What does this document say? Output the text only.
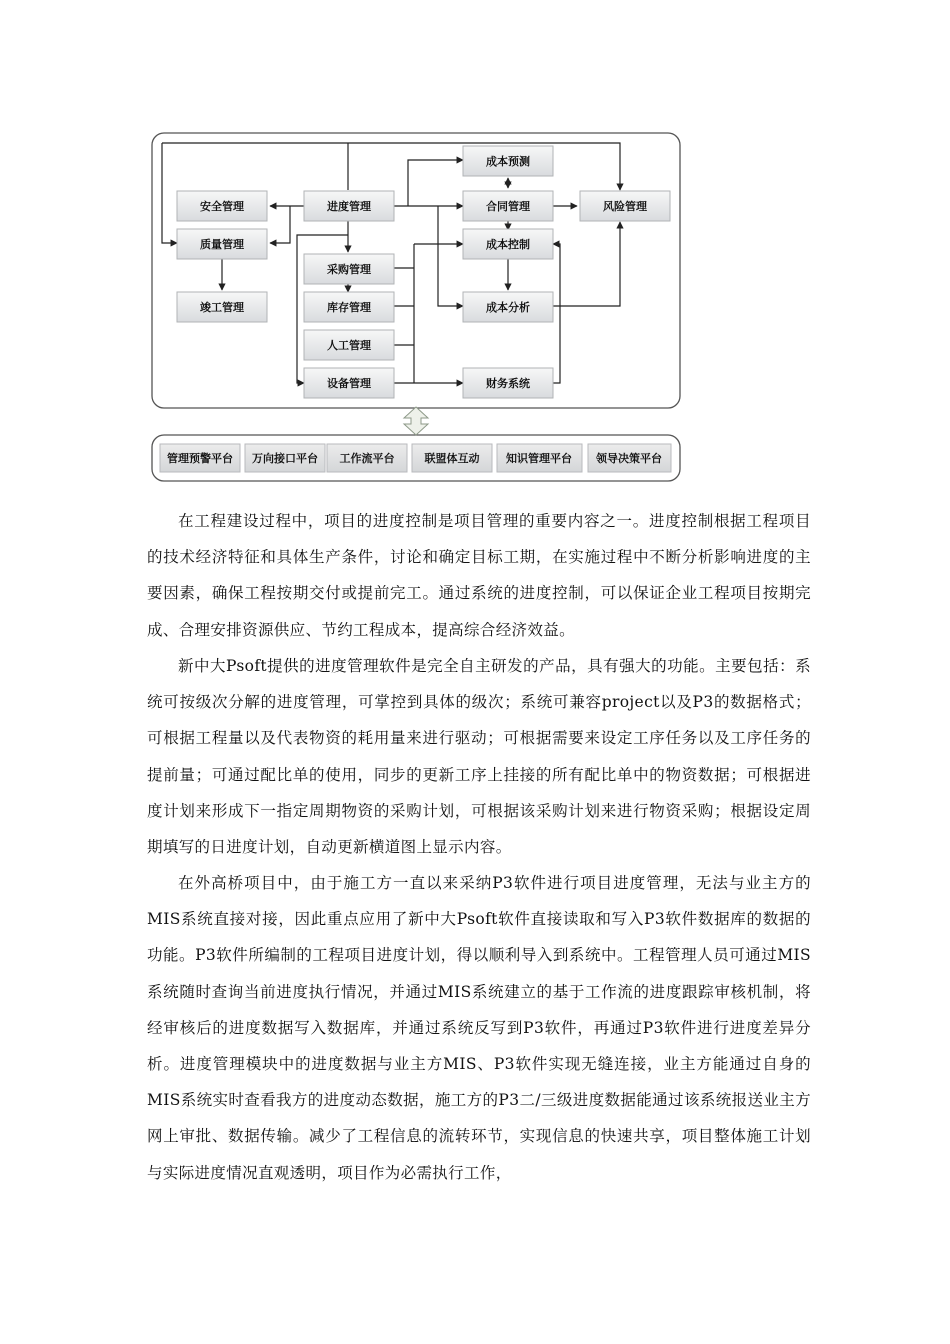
安全管理
质量管理
竣工管理
进度管理
采购管理
库存管理
人工管理
设备管理
成本预测
合同管理
成本控制
成本分析
财务系统
风险管理
管理预警平台 万向接口平台 工作流平台	联盟体互动 知识管理平台 领导决策平台

在工程建设过程中，项目的进度控制是项目管理的重要内容之一。进度控制根据工程项目的技术经济特征和具体生产条件，讨论和确定目标工期，在实施过程中不断分析影响进度的主要因素，确保工程按期交付或提前完工。通过系统的进度控制，可以保证企业工程项目按期完成、合理安排资源供应、节约工程成本，提高综合经济效益。

新中大Psoft提供的进度管理软件是完全自主研发的产品，具有强大的功能。主要包括：系统可按级次分解的进度管理，可掌控到具体的级次；系统可兼容project以及P3的数据格式；可根据工程量以及代表物资的耗用量来进行驱动；可根据需要来设定工序任务以及工序任务的提前量；可通过配比单的使用，同步的更新工序上挂接的所有配比单中的物资数据；可根据进度计划来形成下一指定周期物资的采购计划，可根据该采购计划来进行物资采购；根据设定周期填写的日进度计划，自动更新横道图上显示内容。

在外高桥项目中，由于施工方一直以来采纳P3软件进行项目进度管理，无法与业主方的MIS系统直接对接，因此重点应用了新中大Psoft软件直接读取和写入P3软件数据库的数据的功能。P3软件所编制的工程项目进度计划，得以顺利导入到系统中。工程管理人员可通过MIS系统随时查询当前进度执行情况，并通过MIS系统建立的基于工作流的进度跟踪审核机制，将经审核后的进度数据写入数据库，并通过系统反写到P3软件，再通过P3软件进行进度差异分析。进度管理模块中的进度数据与业主方MIS、P3软件实现无缝连接，业主方能通过自身的MIS系统实时查看我方的进度动态数据，施工方的P3二/三级进度数据能通过该系统报送业主方网上审批、数据传输。减少了工程信息的流转环节，实现信息的快速共享，项目整体施工计划与实际进度情况直观透明，项目作为必需执行工作，
